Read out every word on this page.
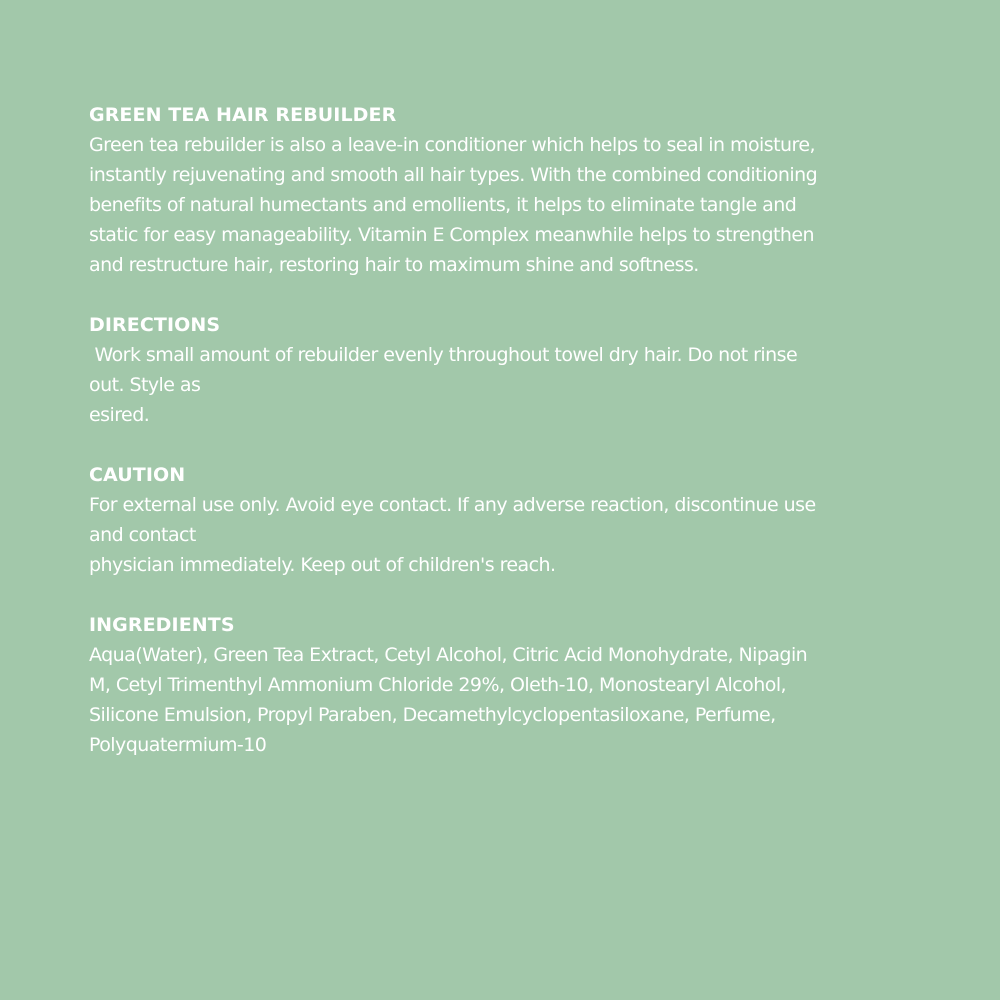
GREEN TEA HAIR REBUILDER
Green tea rebuilder is also a leave-in conditioner which helps to seal in moisture,
instantly rejuvenating and smooth all hair types. With the combined conditioning
benefits of natural humectants and emollients, it helps to eliminate tangle and
static for easy manageability. Vitamin E Complex meanwhile helps to strengthen
and restructure hair, restoring hair to maximum shine and softness.
DIRECTIONS
Work small amount of rebuilder evenly throughout towel dry hair. Do not rinse
out. Style as
esired.
CAUTION
For external use only. Avoid eye contact. If any adverse reaction, discontinue use
and contact
physician immediately. Keep out of children's reach.
INGREDIENTS
Aqua(Water), Green Tea Extract, Cetyl Alcohol, Citric Acid Monohydrate, Nipagin
M, Cetyl Trimenthyl Ammonium Chloride 29%, Oleth-10, Monostearyl Alcohol,
Silicone Emulsion, Propyl Paraben, Decamethylcyclopentasiloxane, Perfume,
Polyquatermium-10
